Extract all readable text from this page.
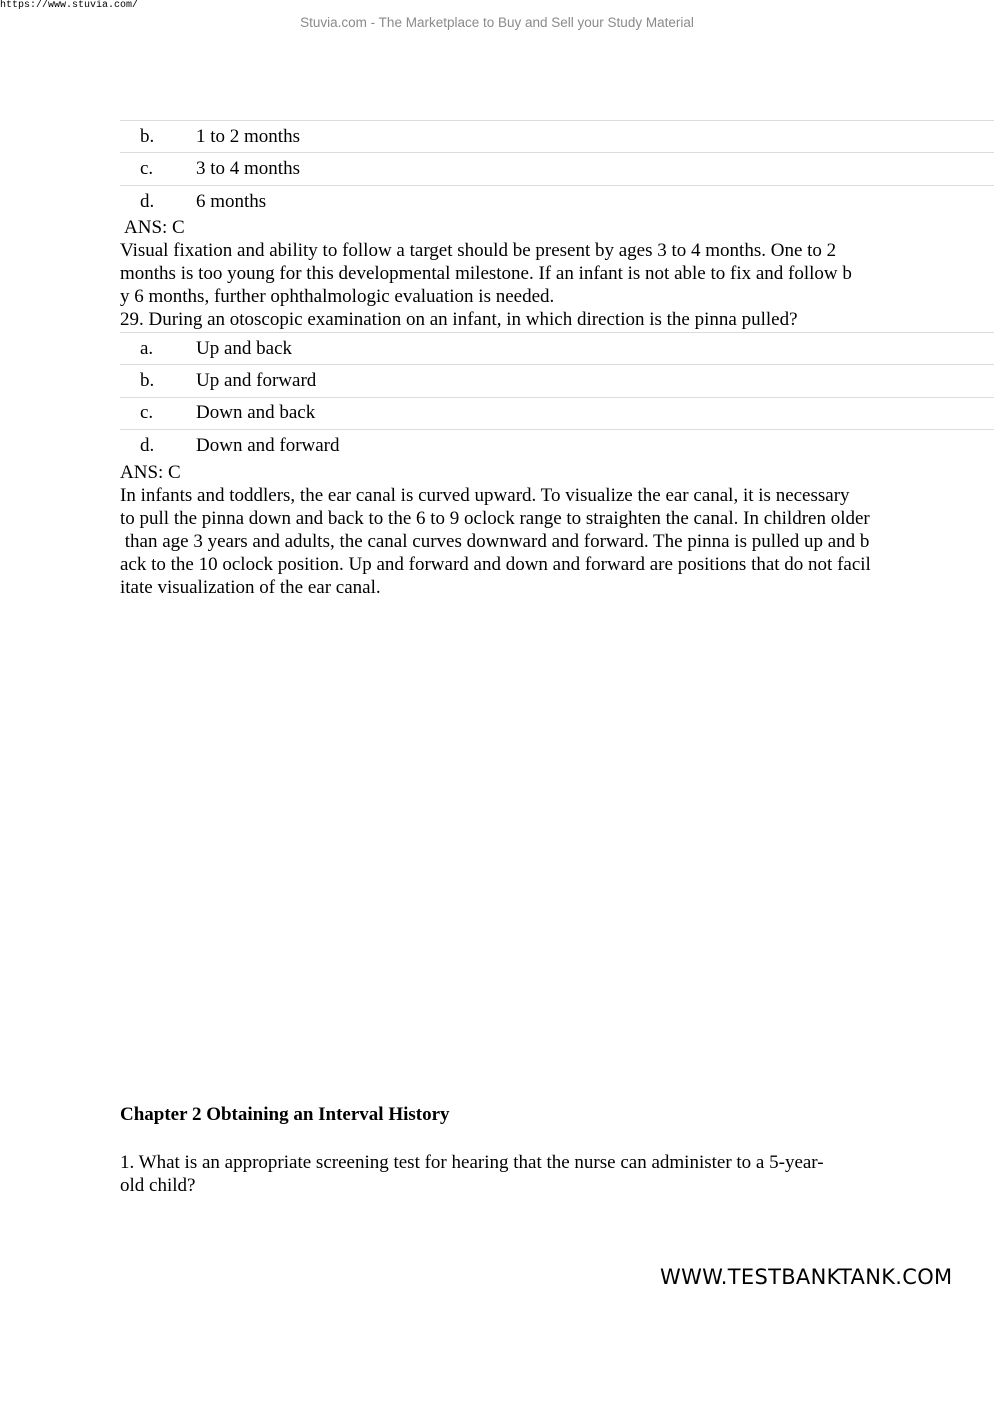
https://www.stuvia.com/
Stuvia.com - The Marketplace to Buy and Sell your Study Material
b.	1 to 2 months
c.	3 to 4 months
d.	6 months
ANS: C
Visual fixation and ability to follow a target should be present by ages 3 to 4 months. One to 2
months is too young for this developmental milestone. If an infant is not able to fix and follow b
y 6 months, further ophthalmologic evaluation is needed.
29. During an otoscopic examination on an infant, in which direction is the pinna pulled?
a.	Up and back
b.	Up and forward
c.	Down and back
d.	Down and forward
ANS: C
In infants and toddlers, the ear canal is curved upward. To visualize the ear canal, it is necessary
to pull the pinna down and back to the 6 to 9 oclock range to straighten the canal. In children older
than age 3 years and adults, the canal curves downward and forward. The pinna is pulled up and b
ack to the 10 oclock position. Up and forward and down and forward are positions that do not facil
itate visualization of the ear canal.
Chapter 2 Obtaining an Interval History
1. What is an appropriate screening test for hearing that the nurse can administer to a 5-year-
old child?
WWW.TESTBANKTANK.COM
